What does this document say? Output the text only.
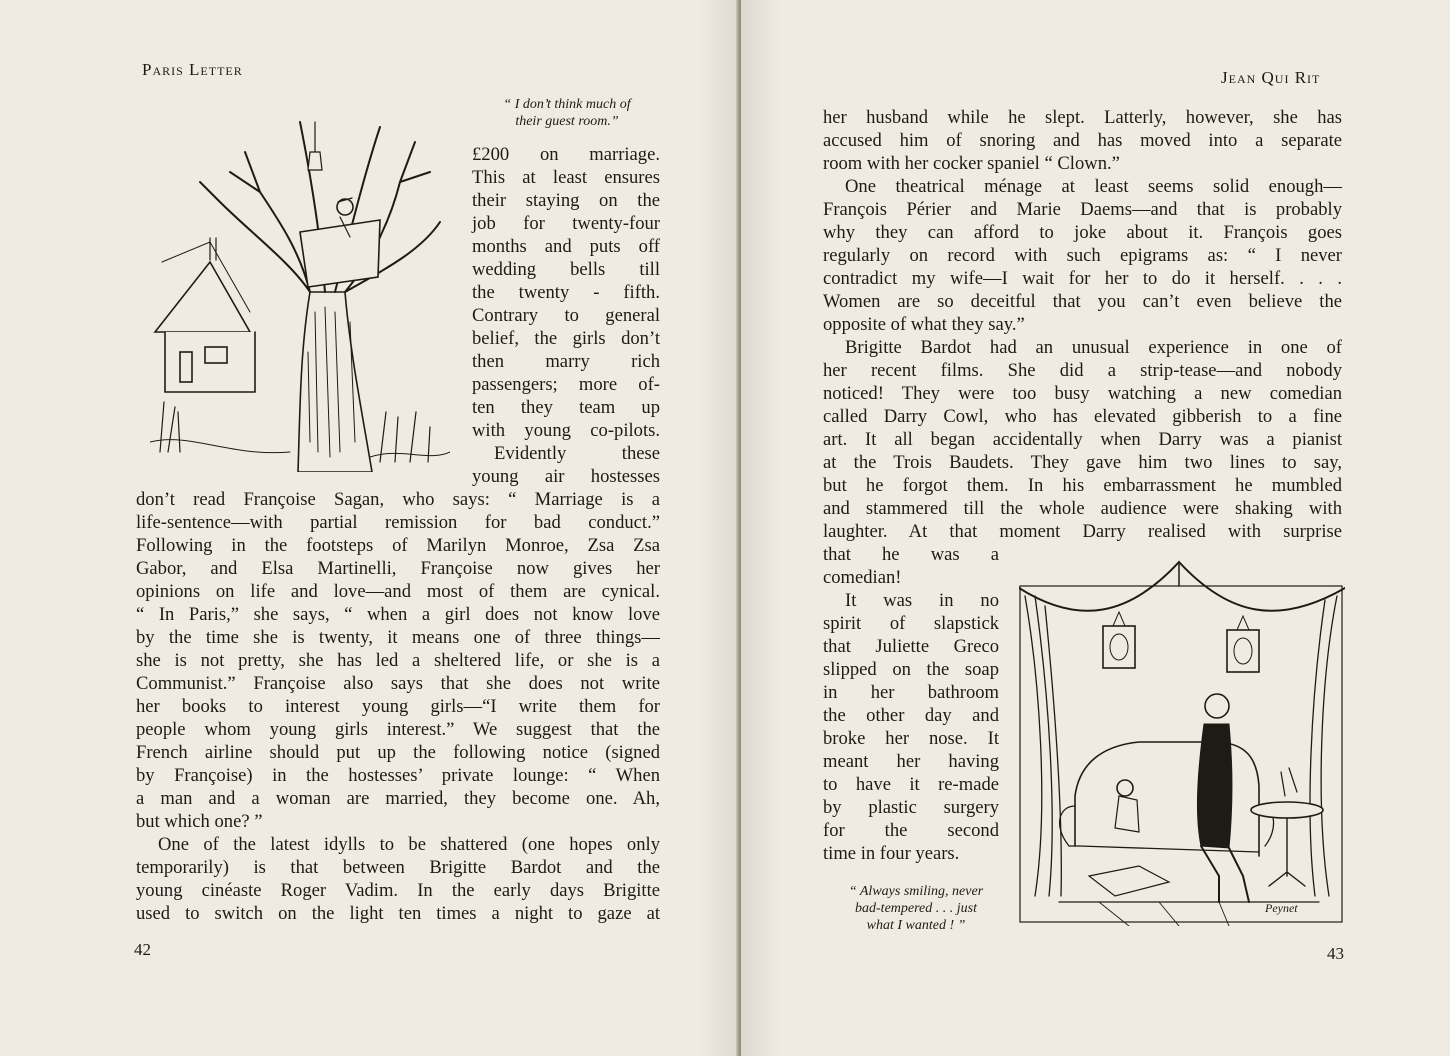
Paris Letter
“ I don’t think much of
their guest room.”
£200 on marriage.
This at least ensures
their staying on the
job for twenty-four
months and puts off
wedding bells till
the twenty - fifth.
Contrary to general
belief, the girls don’t
then marry rich
passengers; more of-
ten they team up
with young co-pilots.
Evidently these
young air hostesses
don’t read Françoise Sagan, who says: “ Marriage is a
life-sentence—with partial remission for bad conduct.”
Following in the footsteps of Marilyn Monroe, Zsa Zsa
Gabor, and Elsa Martinelli, Françoise now gives her
opinions on life and love—and most of them are cynical.
“ In Paris,” she says, “ when a girl does not know love
by the time she is twenty, it means one of three things—
she is not pretty, she has led a sheltered life, or she is a
Communist.” Françoise also says that she does not write
her books to interest young girls—“I write them for
people whom young girls interest.” We suggest that the
French airline should put up the following notice (signed
by Françoise) in the hostesses’ private lounge: “ When
a man and a woman are married, they become one. Ah,
but which one? ”
One of the latest idylls to be shattered (one hopes only
temporarily) is that between Brigitte Bardot and the
young cinéaste Roger Vadim. In the early days Brigitte
used to switch on the light ten times a night to gaze at
42
Jean Qui Rit
Peynet
“ Always smiling, never
bad-tempered . . . just
what I wanted ! ”
her husband while he slept. Latterly, however, she has
accused him of snoring and has moved into a separate
room with her cocker spaniel “ Clown.”
One theatrical ménage at least seems solid enough—
François Périer and Marie Daems—and that is probably
why they can afford to joke about it. François goes
regularly on record with such epigrams as: “ I never
contradict my wife—I wait for her to do it herself. . . .
Women are so deceitful that you can’t even believe the
opposite of what they say.”
Brigitte Bardot had an unusual experience in one of
her recent films. She did a strip-tease—and nobody
noticed! They were too busy watching a new comedian
called Darry Cowl, who has elevated gibberish to a fine
art. It all began accidentally when Darry was a pianist
at the Trois Baudets. They gave him two lines to say,
but he forgot them. In his embarrassment he mumbled
and stammered till the whole audience were shaking with
laughter. At that moment Darry realised with surprise
that he was a
comedian!
It was in no
spirit of slapstick
that Juliette Greco
slipped on the soap
in her bathroom
the other day and
broke her nose. It
meant her having
to have it re-made
by plastic surgery
for the second
time in four years.
43
